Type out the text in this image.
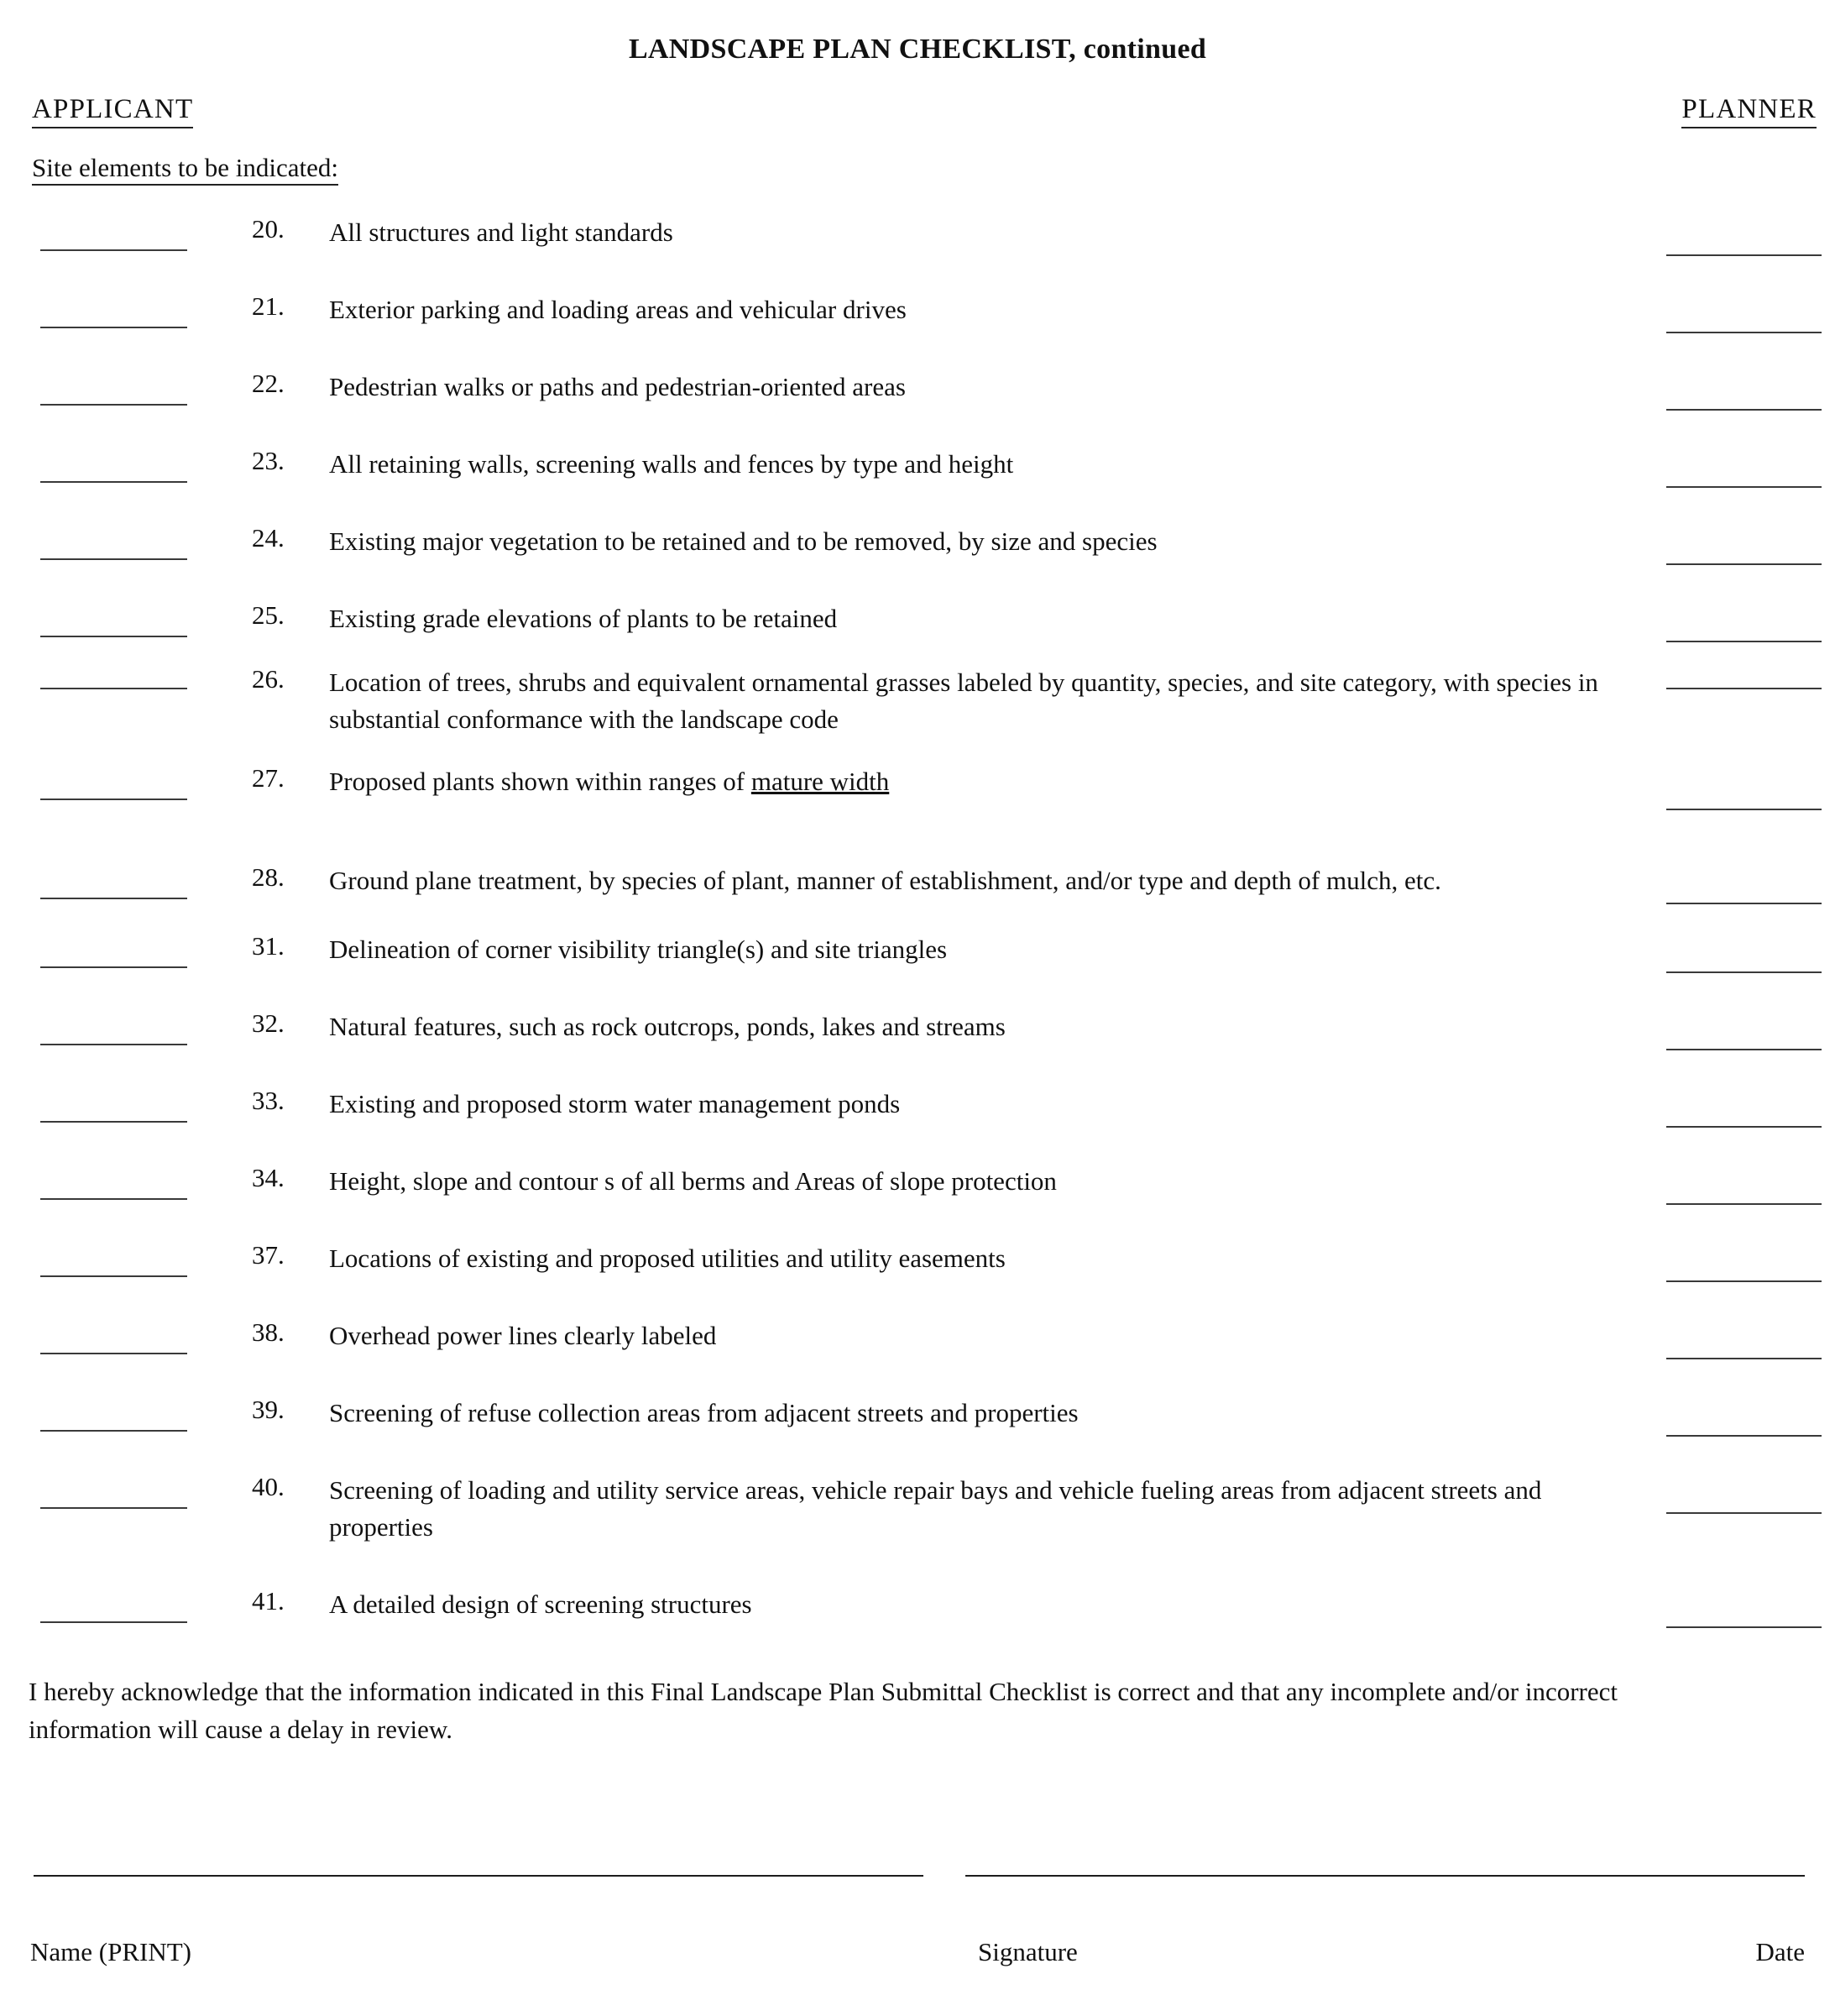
LANDSCAPE PLAN CHECKLIST, continued
APPLICANT	PLANNER
Site elements to be indicated:
20.	All structures and light standards
21.	Exterior parking and loading areas and vehicular drives
22.	Pedestrian walks or paths and pedestrian-oriented areas
23.	All retaining walls, screening walls and fences by type and height
24.	Existing major vegetation to be retained and to be removed, by size and species
25.	Existing grade elevations of plants to be retained
26.	Location of trees, shrubs and equivalent ornamental grasses labeled by quantity, species, and site category, with species in substantial conformance with the landscape code
27.	Proposed plants shown within ranges of mature width
28.	Ground plane treatment, by species of plant, manner of establishment, and/or type and depth of mulch, etc.
31.	Delineation of corner visibility triangle(s) and site triangles
32.	Natural features, such as rock outcrops, ponds, lakes and streams
33.	Existing and proposed storm water management ponds
34.	Height, slope and contour s of all berms and Areas of slope protection
37.	Locations of existing and proposed utilities and utility easements
38.	Overhead power lines clearly labeled
39.	Screening of refuse collection areas from adjacent streets and properties
40.	Screening of loading and utility service areas, vehicle repair bays and vehicle fueling areas from adjacent streets and properties
41.	A detailed design of screening structures
I hereby acknowledge that the information indicated in this Final Landscape Plan Submittal Checklist is correct and that any incomplete and/or incorrect information will cause a delay in review.
Name (PRINT)	Signature	Date
